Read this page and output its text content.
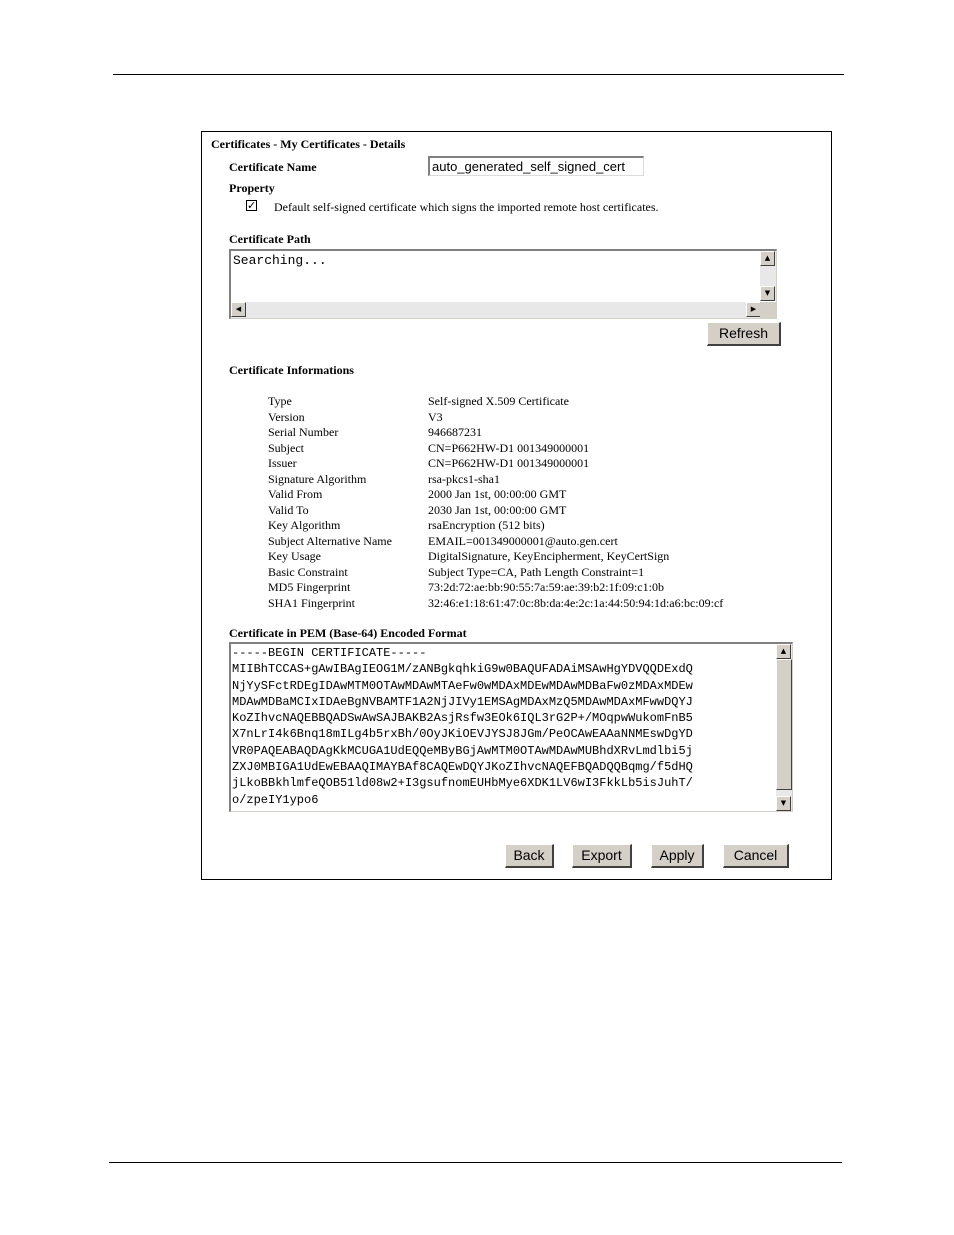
Certificates - My Certificates - Details
Certificate Name	auto_generated_self_signed_cert
Property
✓ Default self-signed certificate which signs the imported remote host certificates.
Certificate Path
Searching...	▲
▼
◀	▶
Refresh
Certificate Informations
Type	Self-signed X.509 Certificate
Version	V3
Serial Number	946687231
Subject	CN=P662HW-D1 001349000001
Issuer	CN=P662HW-D1 001349000001
Signature Algorithm	rsa-pkcs1-sha1
Valid From	2000 Jan 1st, 00:00:00 GMT
Valid To	2030 Jan 1st, 00:00:00 GMT
Key Algorithm	rsaEncryption (512 bits)
Subject Alternative Name	EMAIL=001349000001@auto.gen.cert
Key Usage	DigitalSignature, KeyEncipherment, KeyCertSign
Basic Constraint	Subject Type=CA, Path Length Constraint=1
MD5 Fingerprint	73:2d:72:ae:bb:90:55:7a:59:ae:39:b2:1f:09:c1:0b
SHA1 Fingerprint	32:46:e1:18:61:47:0c:8b:da:4e:2c:1a:44:50:94:1d:a6:bc:09:cf
Certificate in PEM (Base-64) Encoded Format
-----BEGIN CERTIFICATE-----
MIIBhTCCAS+gAwIBAgIEOG1M/zANBgkqhkiG9w0BAQUFADAiMSAwHgYDVQQDExdQ
NjYySFctRDEgIDAwMTM0OTAwMDAwMTAeFw0wMDAxMDEwMDAwMDBaFw0zMDAxMDEw
MDAwMDBaMCIxIDAeBgNVBAMTF1A2NjJIVy1EMSAgMDAxMzQ5MDAwMDAxMFwwDQYJ
KoZIhvcNAQEBBQADSwAwSAJBAKB2AsjRsfw3EOk6IQL3rG2P+/MOqpwWukomFnB5
X7nLrI4k6Bnq18mILg4b5rxBh/0OyJKiOEVJYSJ8JGm/PeOCAwEAAaNNMEswDgYD
VR0PAQEABAQDAgKkMCUGA1UdEQQeMByBGjAwMTM0OTAwMDAwMUBhdXRvLmdlbi5j
ZXJ0MBIGA1UdEwEBAAQIMAYBAf8CAQEwDQYJKoZIhvcNAQEFBQADQQBqmg/f5dHQ
jLkoBBkhlmfeQOB51ld08w2+I3gsufnomEUHbMye6XDK1LV6wI3FkkLb5isJuhT/
o/zpeIY1ypo6
▲
▼
Back	Export	Apply	Cancel
